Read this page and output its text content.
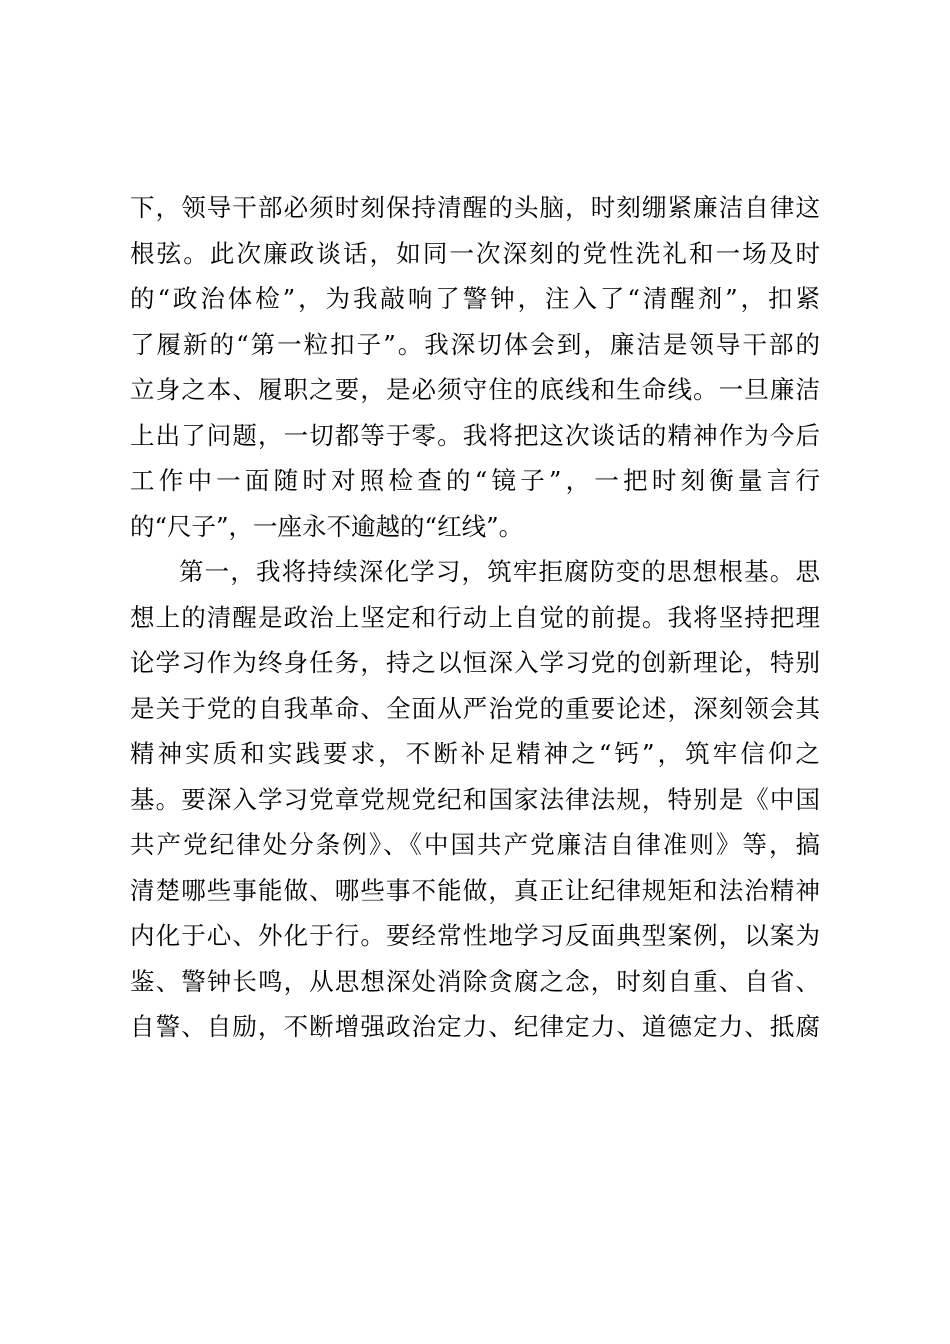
下，领导干部必须时刻保持清醒的头脑，时刻绷紧廉洁自律这
根弦。此次廉政谈话，如同一次深刻的党性洗礼和一场及时
的“政治体检”，为我敲响了警钟，注入了“清醒剂”，扣紧
了履新的“第一粒扣子”。我深切体会到，廉洁是领导干部的
立身之本、履职之要，是必须守住的底线和生命线。一旦廉洁
上出了问题，一切都等于零。我将把这次谈话的精神作为今后
工作中一面随时对照检查的“镜子”，一把时刻衡量言行
的“尺子”，一座永不逾越的“红线”。
第一，我将持续深化学习，筑牢拒腐防变的思想根基。思
想上的清醒是政治上坚定和行动上自觉的前提。我将坚持把理
论学习作为终身任务，持之以恒深入学习党的创新理论，特别
是关于党的自我革命、全面从严治党的重要论述，深刻领会其
精神实质和实践要求，不断补足精神之“钙”，筑牢信仰之
基。要深入学习党章党规党纪和国家法律法规，特别是《中国
共产党纪律处分条例》、《中国共产党廉洁自律准则》等，搞
清楚哪些事能做、哪些事不能做，真正让纪律规矩和法治精神
内化于心、外化于行。要经常性地学习反面典型案例，以案为
鉴、警钟长鸣，从思想深处消除贪腐之念，时刻自重、自省、
自警、自励，不断增强政治定力、纪律定力、道德定力、抵腐
